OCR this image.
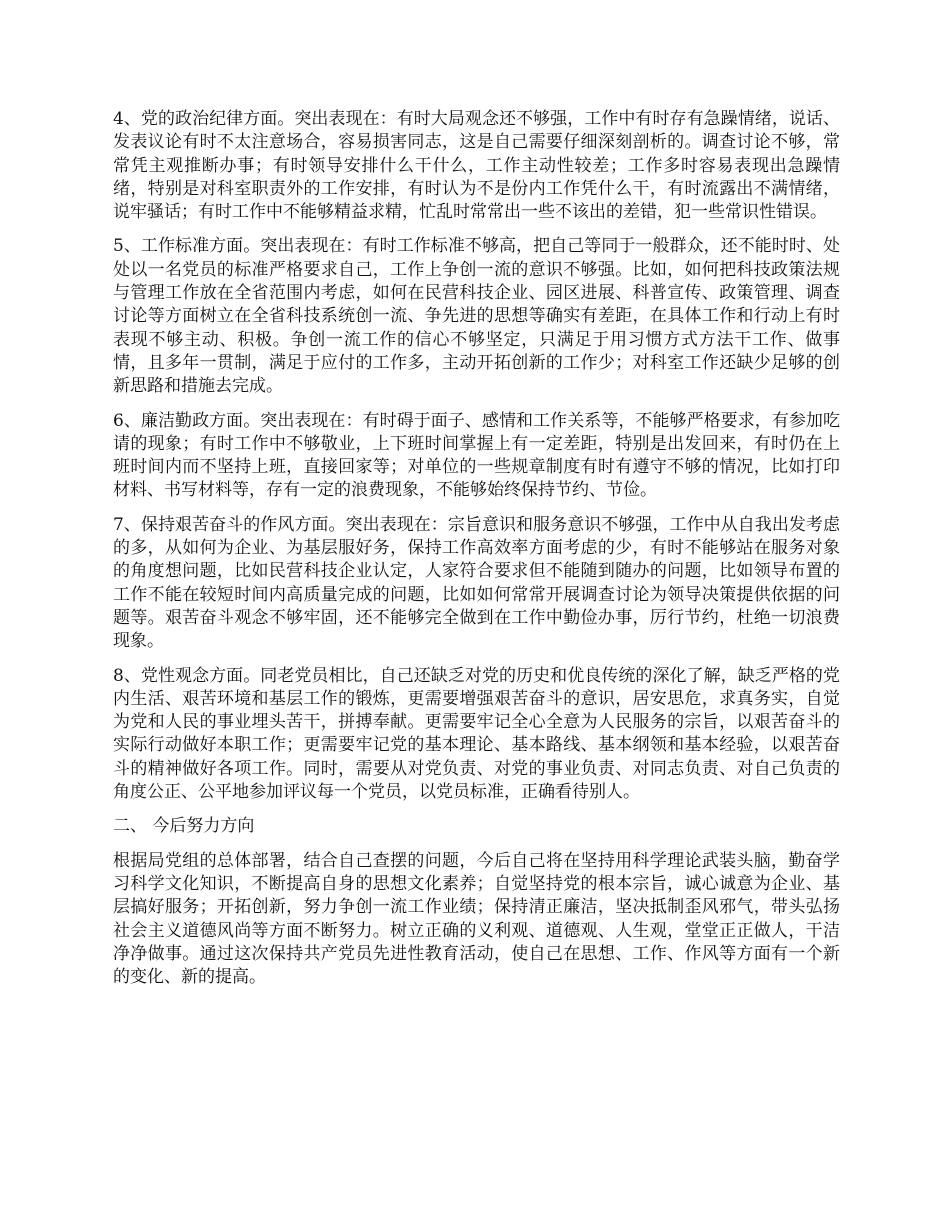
4、党的政治纪律方面。突出表现在：有时大局观念还不够强，工作中有时存有急躁情绪，说话、发表议论有时不太注意场合，容易损害同志，这是自己需要仔细深刻剖析的。调查讨论不够，常常凭主观推断办事；有时领导安排什么干什么，工作主动性较差；工作多时容易表现出急躁情绪，特别是对科室职责外的工作安排，有时认为不是份内工作凭什么干，有时流露出不满情绪，说牢骚话；有时工作中不能够精益求精，忙乱时常常出一些不该出的差错，犯一些常识性错误。

5、工作标准方面。突出表现在：有时工作标准不够高，把自己等同于一般群众，还不能时时、处处以一名党员的标准严格要求自己，工作上争创一流的意识不够强。比如，如何把科技政策法规与管理工作放在全省范围内考虑，如何在民营科技企业、园区进展、科普宣传、政策管理、调查讨论等方面树立在全省科技系统创一流、争先进的思想等确实有差距，在具体工作和行动上有时表现不够主动、积极。争创一流工作的信心不够坚定，只满足于用习惯方式方法干工作、做事情，且多年一贯制，满足于应付的工作多，主动开拓创新的工作少；对科室工作还缺少足够的创新思路和措施去完成。

6、廉洁勤政方面。突出表现在：有时碍于面子、感情和工作关系等，不能够严格要求，有参加吃请的现象；有时工作中不够敬业，上下班时间掌握上有一定差距，特别是出发回来，有时仍在上班时间内而不坚持上班，直接回家等；对单位的一些规章制度有时有遵守不够的情况，比如打印材料、书写材料等，存有一定的浪费现象，不能够始终保持节约、节俭。

7、保持艰苦奋斗的作风方面。突出表现在：宗旨意识和服务意识不够强，工作中从自我出发考虑的多，从如何为企业、为基层服好务，保持工作高效率方面考虑的少，有时不能够站在服务对象的角度想问题，比如民营科技企业认定，人家符合要求但不能随到随办的问题，比如领导布置的工作不能在较短时间内高质量完成的问题，比如如何常常开展调查讨论为领导决策提供依据的问题等。艰苦奋斗观念不够牢固，还不能够完全做到在工作中勤俭办事，厉行节约，杜绝一切浪费现象。

8、党性观念方面。同老党员相比，自己还缺乏对党的历史和优良传统的深化了解，缺乏严格的党内生活、艰苦环境和基层工作的锻炼，更需要增强艰苦奋斗的意识，居安思危，求真务实，自觉为党和人民的事业埋头苦干，拼搏奉献。更需要牢记全心全意为人民服务的宗旨，以艰苦奋斗的实际行动做好本职工作；更需要牢记党的基本理论、基本路线、基本纲领和基本经验，以艰苦奋斗的精神做好各项工作。同时，需要从对党负责、对党的事业负责、对同志负责、对自己负责的角度公正、公平地参加评议每一个党员，以党员标准，正确看待别人。

二、 今后努力方向

根据局党组的总体部署，结合自己查摆的问题，今后自己将在坚持用科学理论武装头脑，勤奋学习科学文化知识，不断提高自身的思想文化素养；自觉坚持党的根本宗旨，诚心诚意为企业、基层搞好服务；开拓创新，努力争创一流工作业绩；保持清正廉洁，坚决抵制歪风邪气，带头弘扬社会主义道德风尚等方面不断努力。树立正确的义利观、道德观、人生观，堂堂正正做人，干洁净净做事。通过这次保持共产党员先进性教育活动，使自己在思想、工作、作风等方面有一个新的变化、新的提高。
